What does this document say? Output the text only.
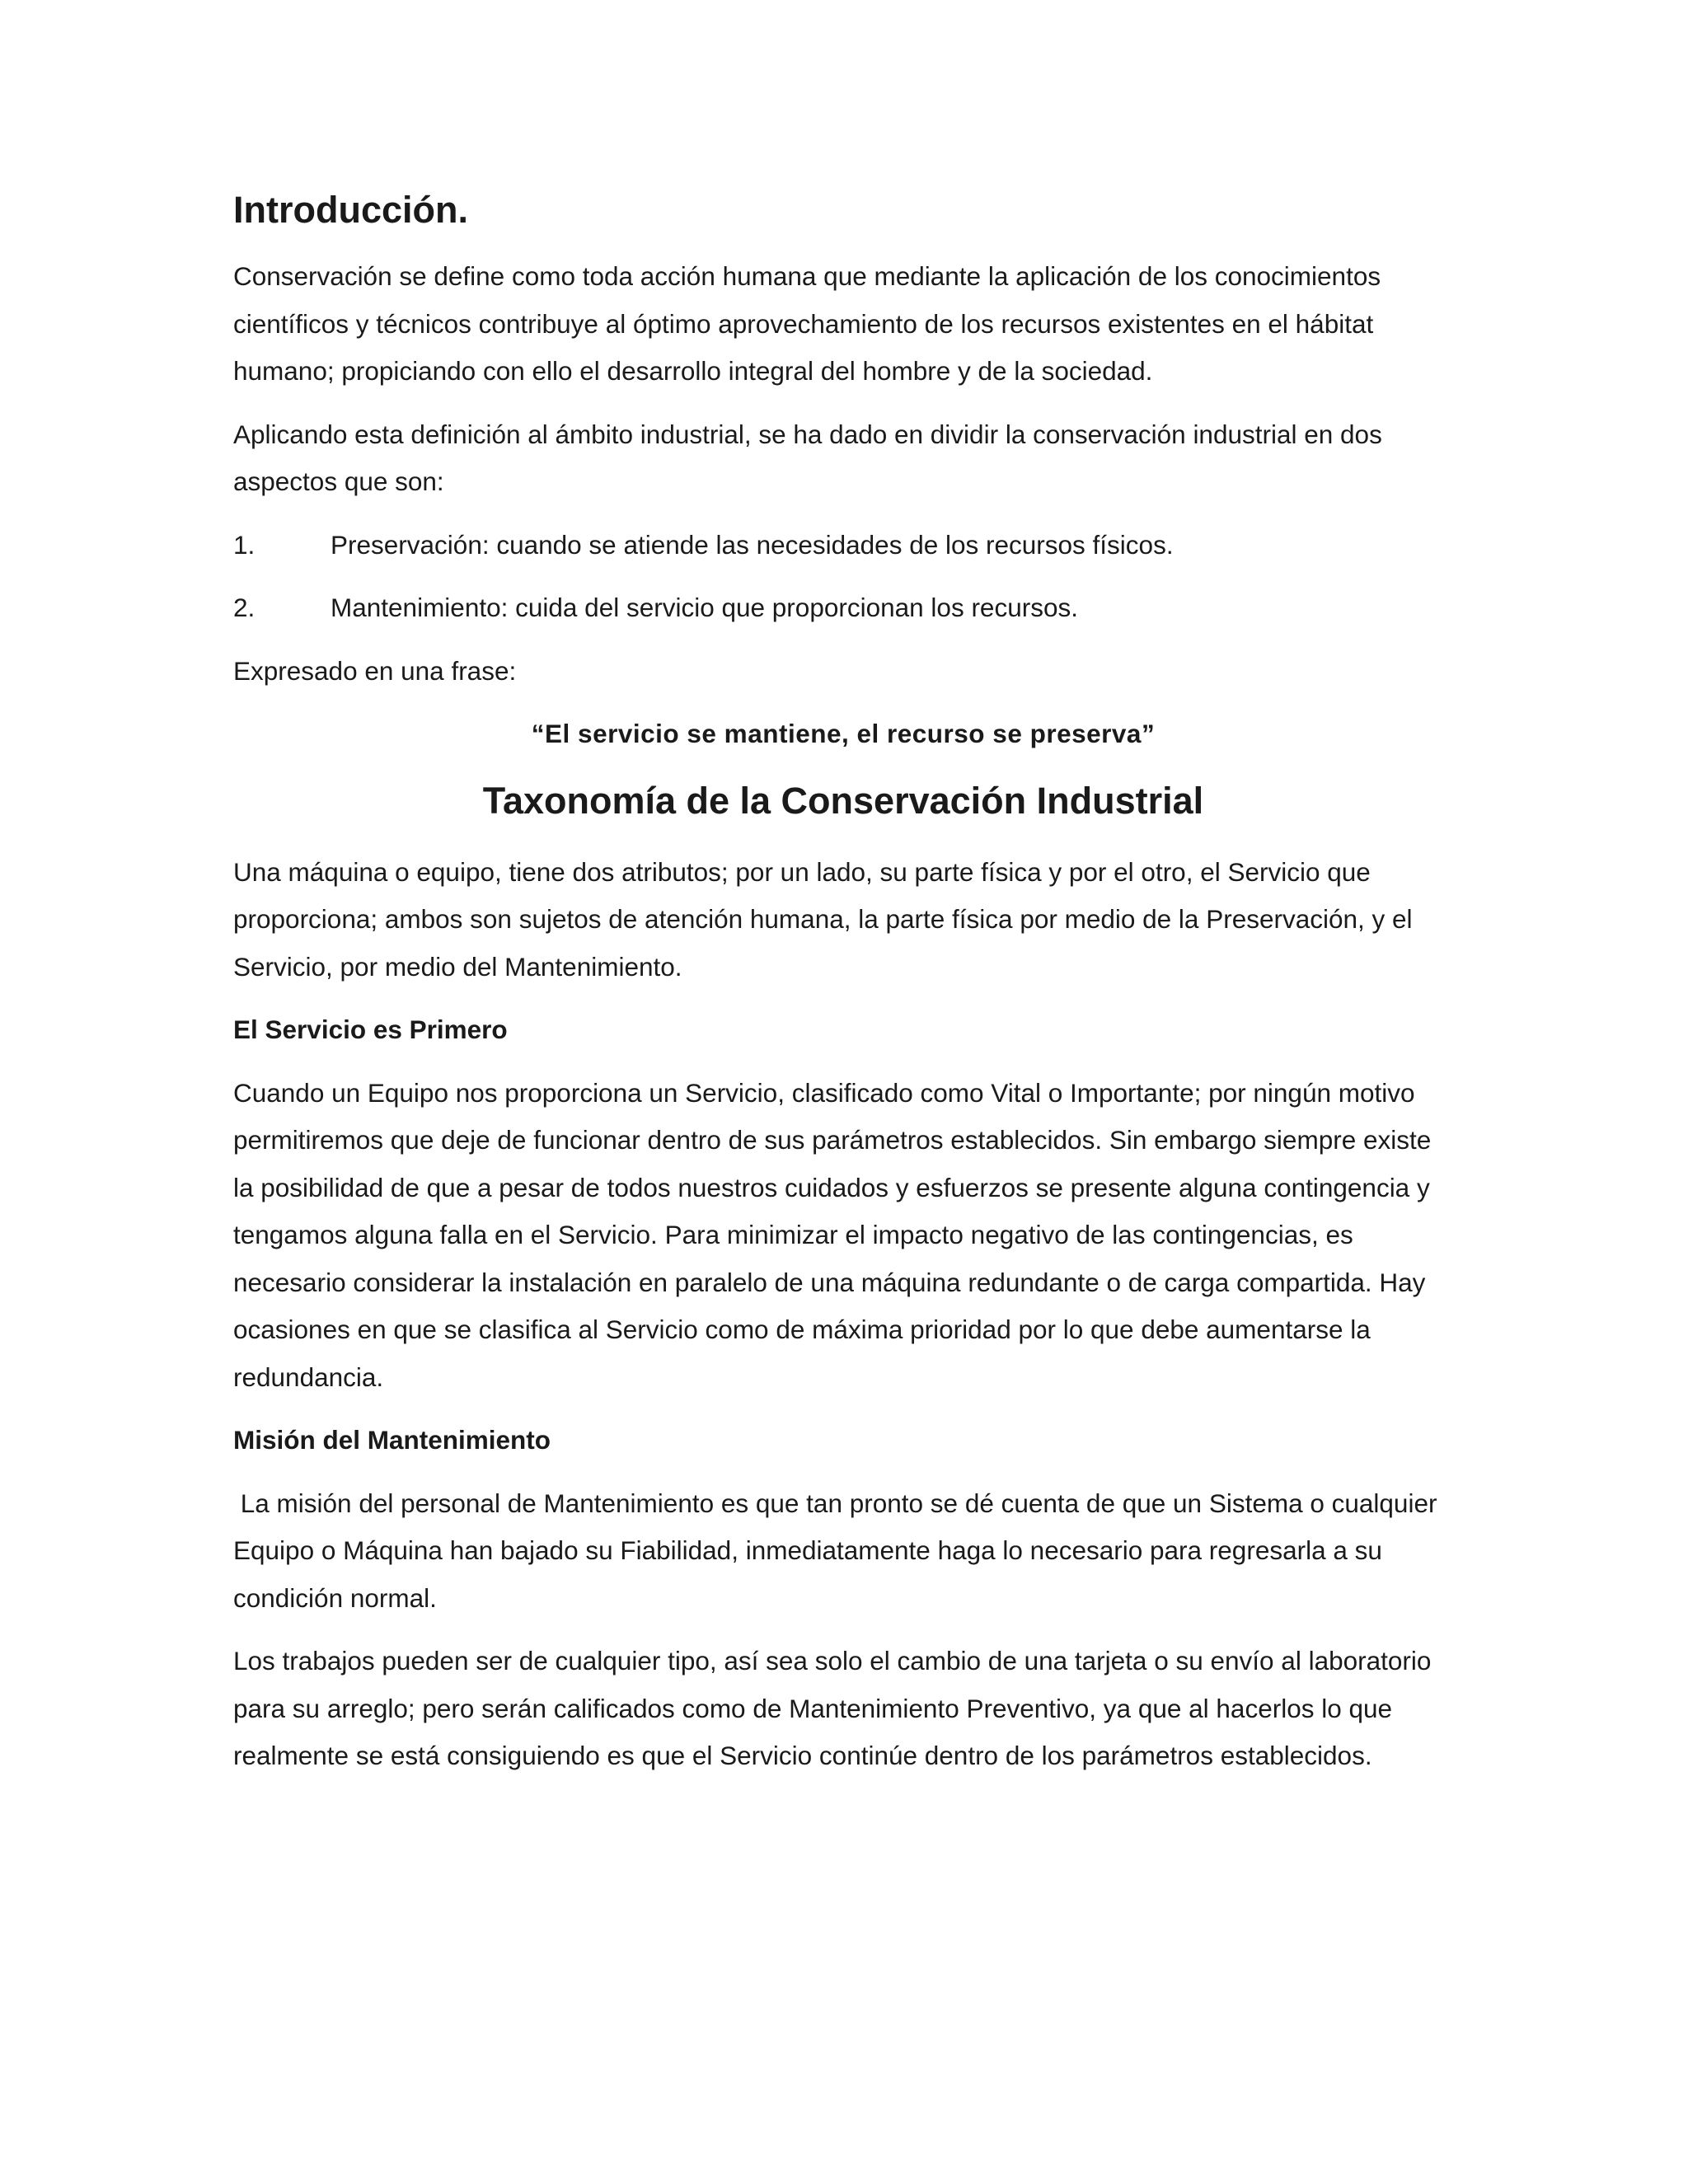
Introducción.

Conservación se define como toda acción humana que mediante la aplicación de los conocimientos científicos y técnicos contribuye al óptimo aprovechamiento de los recursos existentes en el hábitat humano; propiciando con ello el desarrollo integral del hombre y de la sociedad.

Aplicando esta definición al ámbito industrial, se ha dado en dividir la conservación industrial en dos aspectos que son:

1.	Preservación: cuando se atiende las necesidades de los recursos físicos.

2.	Mantenimiento: cuida del servicio que proporcionan los recursos.

Expresado en una frase:

“El servicio se mantiene, el recurso se preserva”

Taxonomía de la Conservación Industrial

Una máquina o equipo, tiene dos atributos; por un lado, su parte física y por el otro, el Servicio que proporciona; ambos son sujetos de atención humana, la parte física por medio de la Preservación, y el Servicio, por medio del Mantenimiento.

El Servicio es Primero

Cuando un Equipo nos proporciona un Servicio, clasificado como Vital o Importante; por ningún motivo permitiremos que deje de funcionar dentro de sus parámetros establecidos. Sin embargo siempre existe la posibilidad de que a pesar de todos nuestros cuidados y esfuerzos se presente alguna contingencia y tengamos alguna falla en el Servicio. Para minimizar el impacto negativo de las contingencias, es necesario considerar la instalación en paralelo de una máquina redundante o de carga compartida. Hay ocasiones en que se clasifica al Servicio como de máxima prioridad por lo que debe aumentarse la redundancia.

Misión del Mantenimiento

La misión del personal de Mantenimiento es que tan pronto se dé cuenta de que un Sistema o cualquier Equipo o Máquina han bajado su Fiabilidad, inmediatamente haga lo necesario para regresarla a su condición normal.

Los trabajos pueden ser de cualquier tipo, así sea solo el cambio de una tarjeta o su envío al laboratorio para su arreglo; pero serán calificados como de Mantenimiento Preventivo, ya que al hacerlos lo que realmente se está consiguiendo es que el Servicio continúe dentro de los parámetros establecidos.
